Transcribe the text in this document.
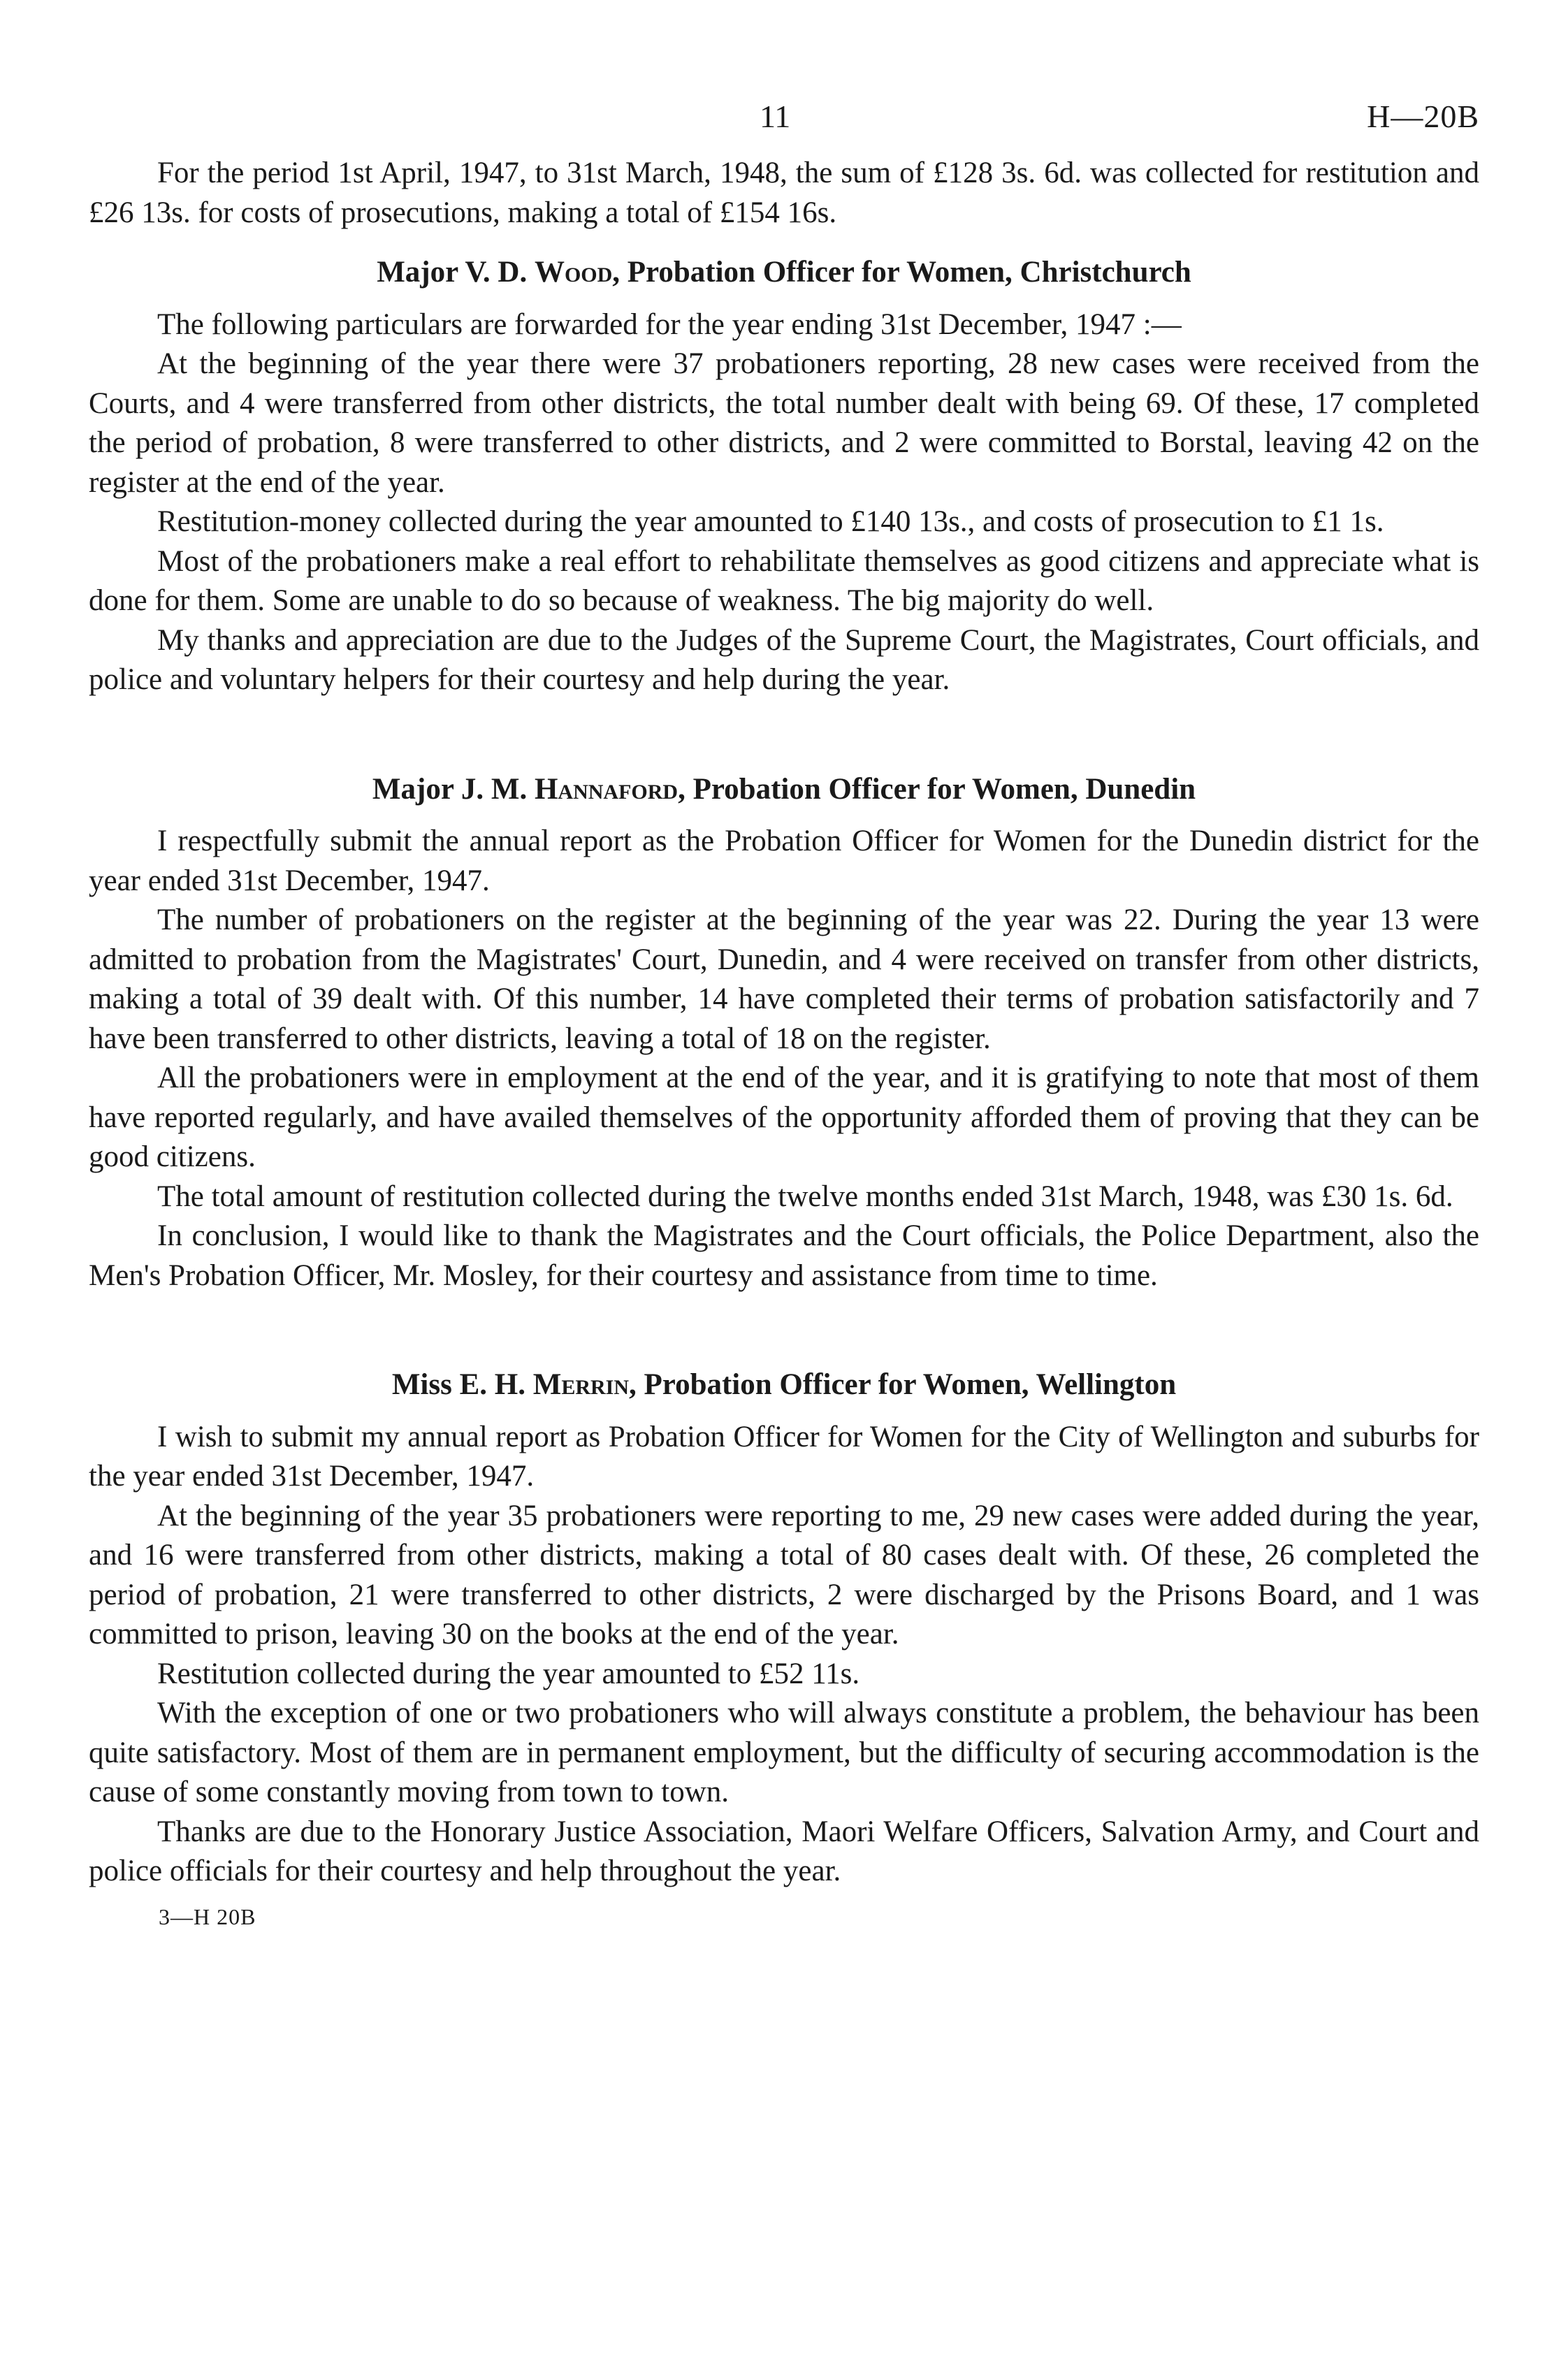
11	H—20B

For the period 1st April, 1947, to 31st March, 1948, the sum of £128 3s. 6d. was collected for restitution and £26 13s. for costs of prosecutions, making a total of £154 16s.

Major V. D. Wood, Probation Officer for Women, Christchurch

The following particulars are forwarded for the year ending 31st December, 1947 :—

At the beginning of the year there were 37 probationers reporting, 28 new cases were received from the Courts, and 4 were transferred from other districts, the total number dealt with being 69. Of these, 17 completed the period of probation, 8 were transferred to other districts, and 2 were committed to Borstal, leaving 42 on the register at the end of the year.

Restitution-money collected during the year amounted to £140 13s., and costs of prosecution to £1 1s.

Most of the probationers make a real effort to rehabilitate themselves as good citizens and appreciate what is done for them. Some are unable to do so because of weakness. The big majority do well.

My thanks and appreciation are due to the Judges of the Supreme Court, the Magistrates, Court officials, and police and voluntary helpers for their courtesy and help during the year.

Major J. M. Hannaford, Probation Officer for Women, Dunedin

I respectfully submit the annual report as the Probation Officer for Women for the Dunedin district for the year ended 31st December, 1947.

The number of probationers on the register at the beginning of the year was 22. During the year 13 were admitted to probation from the Magistrates' Court, Dunedin, and 4 were received on transfer from other districts, making a total of 39 dealt with. Of this number, 14 have completed their terms of probation satisfactorily and 7 have been transferred to other districts, leaving a total of 18 on the register.

All the probationers were in employment at the end of the year, and it is gratifying to note that most of them have reported regularly, and have availed themselves of the opportunity afforded them of proving that they can be good citizens.

The total amount of restitution collected during the twelve months ended 31st March, 1948, was £30 1s. 6d.

In conclusion, I would like to thank the Magistrates and the Court officials, the Police Department, also the Men's Probation Officer, Mr. Mosley, for their courtesy and assistance from time to time.

Miss E. H. Merrin, Probation Officer for Women, Wellington

I wish to submit my annual report as Probation Officer for Women for the City of Wellington and suburbs for the year ended 31st December, 1947.

At the beginning of the year 35 probationers were reporting to me, 29 new cases were added during the year, and 16 were transferred from other districts, making a total of 80 cases dealt with. Of these, 26 completed the period of probation, 21 were transferred to other districts, 2 were discharged by the Prisons Board, and 1 was committed to prison, leaving 30 on the books at the end of the year.

Restitution collected during the year amounted to £52 11s.

With the exception of one or two probationers who will always constitute a problem, the behaviour has been quite satisfactory. Most of them are in permanent employment, but the difficulty of securing accommodation is the cause of some constantly moving from town to town.

Thanks are due to the Honorary Justice Association, Maori Welfare Officers, Salvation Army, and Court and police officials for their courtesy and help throughout the year.

3—H 20B
